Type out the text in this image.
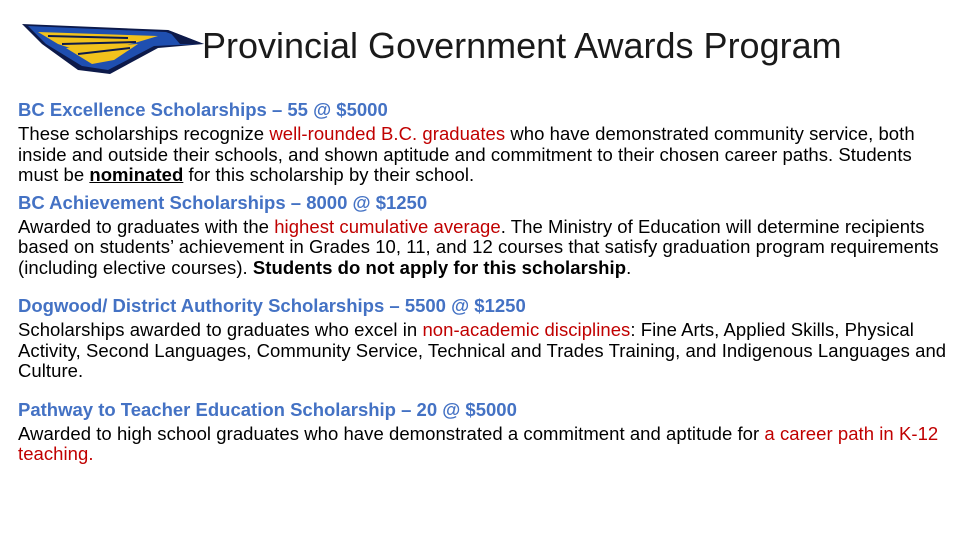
Provincial Government Awards Program
BC Excellence Scholarships – 55 @ $5000
These scholarships recognize well-rounded B.C. graduates who have demonstrated community service, both inside and outside their schools, and shown aptitude and commitment to their chosen career paths. Students must be nominated for this scholarship by their school.
BC Achievement Scholarships – 8000 @ $1250
Awarded to graduates with the highest cumulative average. The Ministry of Education will determine recipients based on students’ achievement in Grades 10, 11, and 12 courses that satisfy graduation program requirements (including elective courses). Students do not apply for this scholarship.
Dogwood/ District Authority Scholarships – 5500 @ $1250
Scholarships awarded to graduates who excel in non-academic disciplines: Fine Arts, Applied Skills, Physical Activity, Second Languages, Community Service, Technical and Trades Training, and Indigenous Languages and Culture.
Pathway to Teacher Education Scholarship – 20 @ $5000
Awarded to high school graduates who have demonstrated a commitment and aptitude for a career path in K-12 teaching.
